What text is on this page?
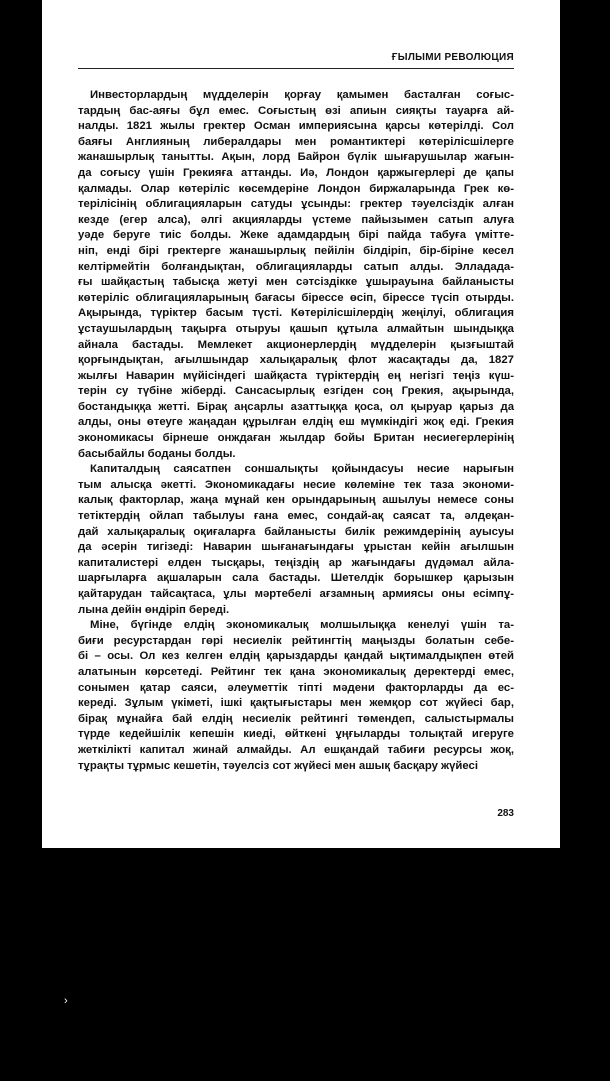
ҒЫЛЫМИ РЕВОЛЮЦИЯ
Инвесторлардың мүдделерін қорғау қамымен басталған соғыс-
тардың бас-аяғы бұл емес. Соғыстың өзі апиын сияқты тауарға ай-
налды. 1821 жылы гректер Осман империясына қарсы көтерілді. Сол
баяғы Англияның либералдары мен романтиктері көтерілісшілерге
жанашырлық танытты. Ақын, лорд Байрон бүлік шығарушылар жағын-
да соғысу үшін Грекияға аттанды. Иә, Лондон қаржыгерлері де қапы
қалмады. Олар көтеріліс көсемдеріне Лондон биржаларында Грек кө-
терілісінің облигацияларын сатуды ұсынды: гректер тәуелсіздік алған
кезде (егер алса), әлгі акцияларды үстеме пайызымен сатып алуға
уәде беруге тиіс болды. Жеке адамдардың бірі пайда табуға үмітте-
ніп, енді бірі гректерге жанашырлық пейілін білдіріп, бір-біріне кесел
келтірмейтін болғандықтан, облигацияларды сатып алды. Элладада-
ғы шайқастың табысқа жетуі мен сәтсіздікке ұшырауына байланысты
көтеріліс облигацияларының бағасы бірессе өсіп, бірессе түсіп отырды.
Ақырында, түріктер басым түсті. Көтерілісшілердің жеңілуі, облигация
ұстаушылардың тақырға отыруы қашып құтыла алмайтын шындыққа
айнала бастады. Мемлекет акционерлердің мүдделерін қызғыштай
қорғындықтан, ағылшындар халықаралық флот жасақтады да, 1827
жылғы Наварин мүйісіндегі шайқаста түріктердің ең негізгі теңіз күш-
терін су түбіне жіберді. Сансасырлық езгіден соң Грекия, ақырында,
бостандыққа жетті. Бірақ аңсарлы азаттыққа қоса, ол қыруар қарыз да
алды, оны өтеуге жаңадан құрылған елдің еш мүмкіндігі жоқ еді. Грекия
экономикасы бірнеше онждаған жылдар бойы Британ несиегерлерінің
басыбайлы боданы болды.
Капиталдың саясатпен соншалықты қойындасуы несие нарығын
тым алысқа әкетті. Экономикадағы несие көлеміне тек таза экономи-
калық факторлар, жаңа мұнай кен орындарының ашылуы немесе соны
тетіктердің ойлап табылуы ғана емес, сондай-ақ саясат та, әлдеқан-
дай халықаралық оқиғаларға байланысты билік режимдерінің ауысуы
да әсерін тигізеді: Наварин шығанағындағы ұрыстан кейін ағылшын
капиталистері елден тысқары, теңіздің ар жағындағы дүдәмал айла-
шарғыларға ақшаларын сала бастады. Шетелдік борышкер қарызын
қайтарудан тайсақтаса, ұлы мәртебелі ағзамның армиясы оны есімпұ-
лына дейін өндіріп береді.
Міне, бүгінде елдің экономикалық молшылыққа кенелуі үшін та-
биғи ресурстардан гөрі несиелік рейтингтің маңызды болатын себе-
бі – осы. Ол кез келген елдің қарыздарды қандай ықтималдықпен өтей
алатынын көрсетеді. Рейтинг тек қана экономикалық деректерді емес,
сонымен қатар саяси, әлеуметтік тіпті мәдени факторларды да ес-
кереді. Зұлым үкіметі, ішкі қақтығыстары мен жемқор сот жүйесі бар,
бірақ мұнайға бай елдің несиелік рейтингі төмендеп, салыстырмалы
түрде кедейшілік кепешін киеді, өйткені ұңғыларды толықтай игеруге
жеткілікті капитал жинай алмайды. Ал ешқандай табиғи ресурсы жоқ,
тұрақты тұрмыс кешетін, тәуелсіз сот жүйесі мен ашық басқару жүйесі
283
›
